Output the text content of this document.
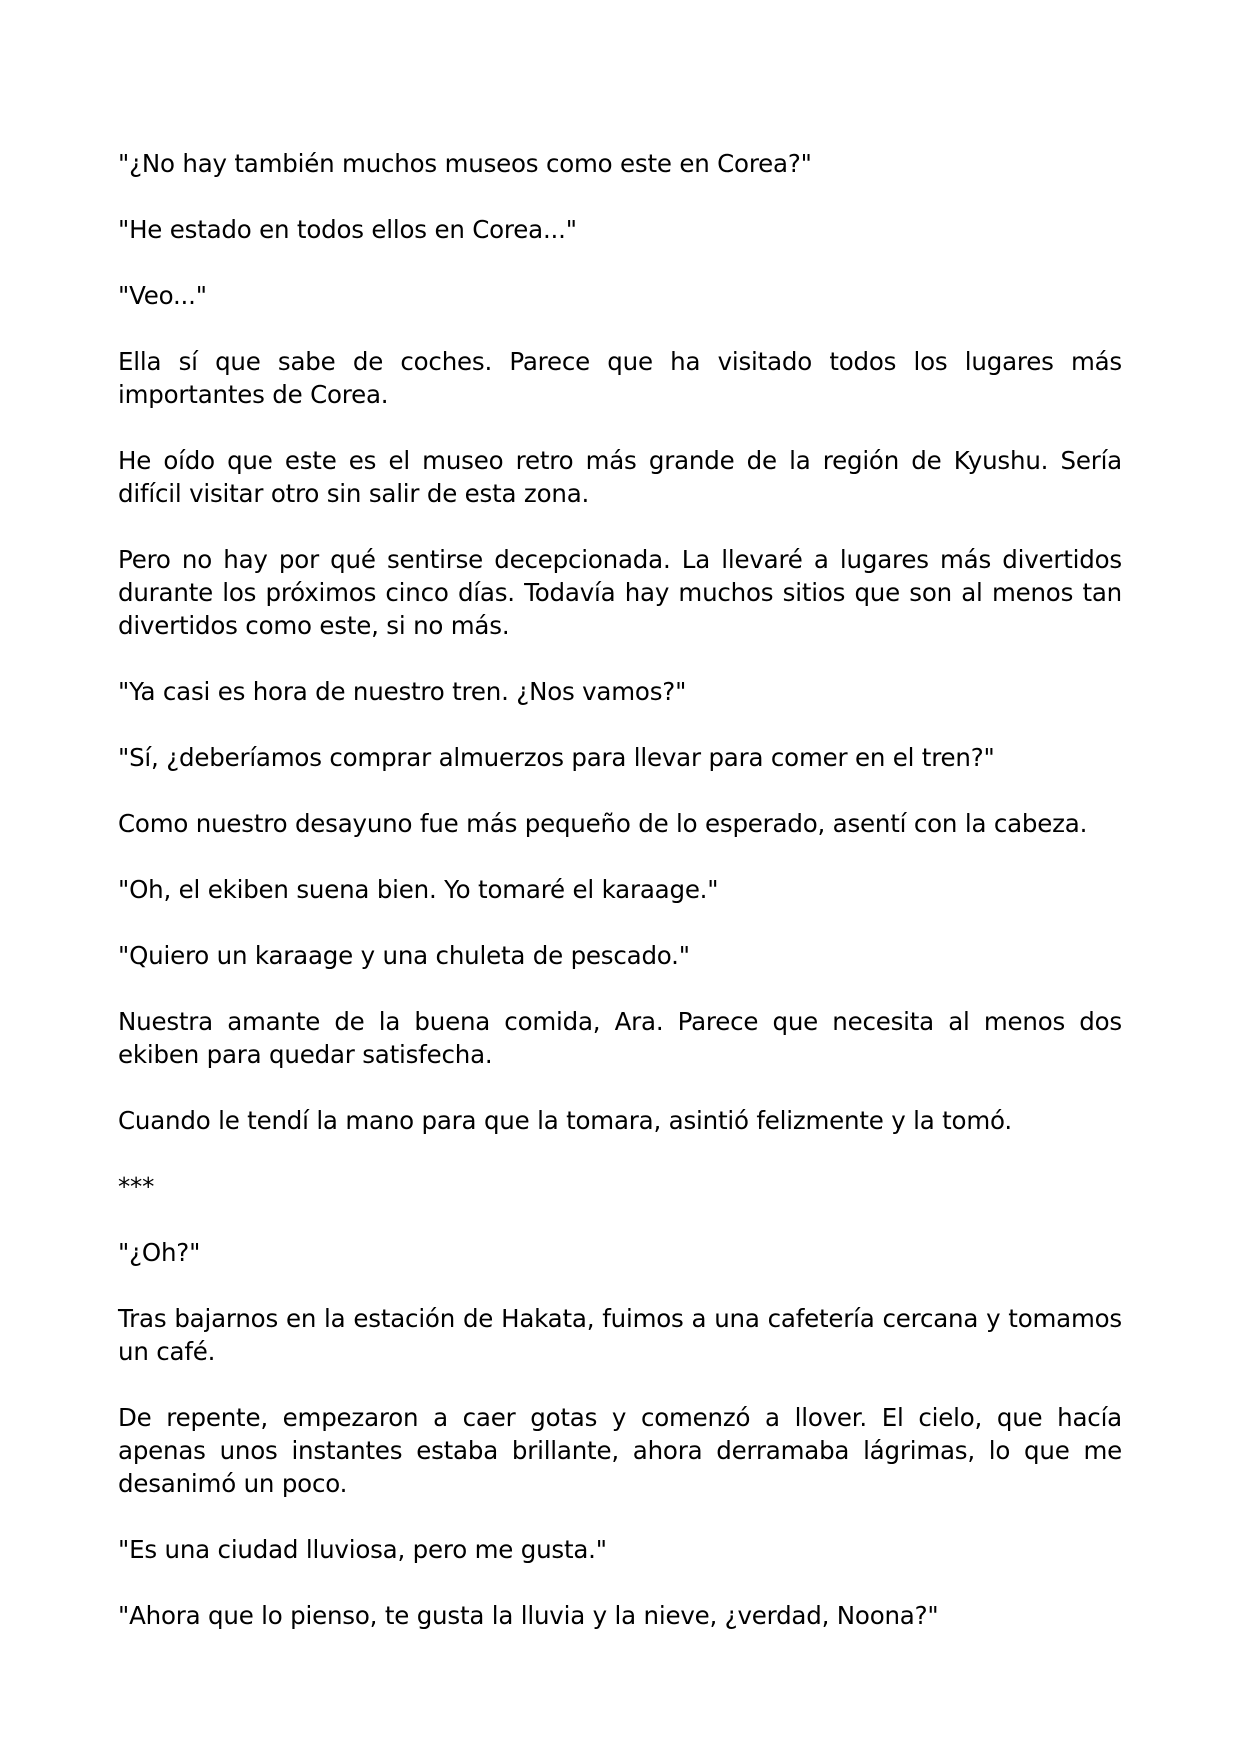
"¿No hay también muchos museos como este en Corea?"

"He estado en todos ellos en Corea..."

"Veo..."

Ella sí que sabe de coches. Parece que ha visitado todos los lugares más importantes de Corea.

He oído que este es el museo retro más grande de la región de Kyushu. Sería difícil visitar otro sin salir de esta zona.

Pero no hay por qué sentirse decepcionada. La llevaré a lugares más divertidos durante los próximos cinco días. Todavía hay muchos sitios que son al menos tan divertidos como este, si no más.

"Ya casi es hora de nuestro tren. ¿Nos vamos?"

"Sí, ¿deberíamos comprar almuerzos para llevar para comer en el tren?"

Como nuestro desayuno fue más pequeño de lo esperado, asentí con la cabeza.

"Oh, el ekiben suena bien. Yo tomaré el karaage."

"Quiero un karaage y una chuleta de pescado."

Nuestra amante de la buena comida, Ara. Parece que necesita al menos dos ekiben para quedar satisfecha.

Cuando le tendí la mano para que la tomara, asintió felizmente y la tomó.

***

"¿Oh?"

Tras bajarnos en la estación de Hakata, fuimos a una cafetería cercana y tomamos un café.

De repente, empezaron a caer gotas y comenzó a llover. El cielo, que hacía apenas unos instantes estaba brillante, ahora derramaba lágrimas, lo que me desanimó un poco.

"Es una ciudad lluviosa, pero me gusta."

"Ahora que lo pienso, te gusta la lluvia y la nieve, ¿verdad, Noona?"
